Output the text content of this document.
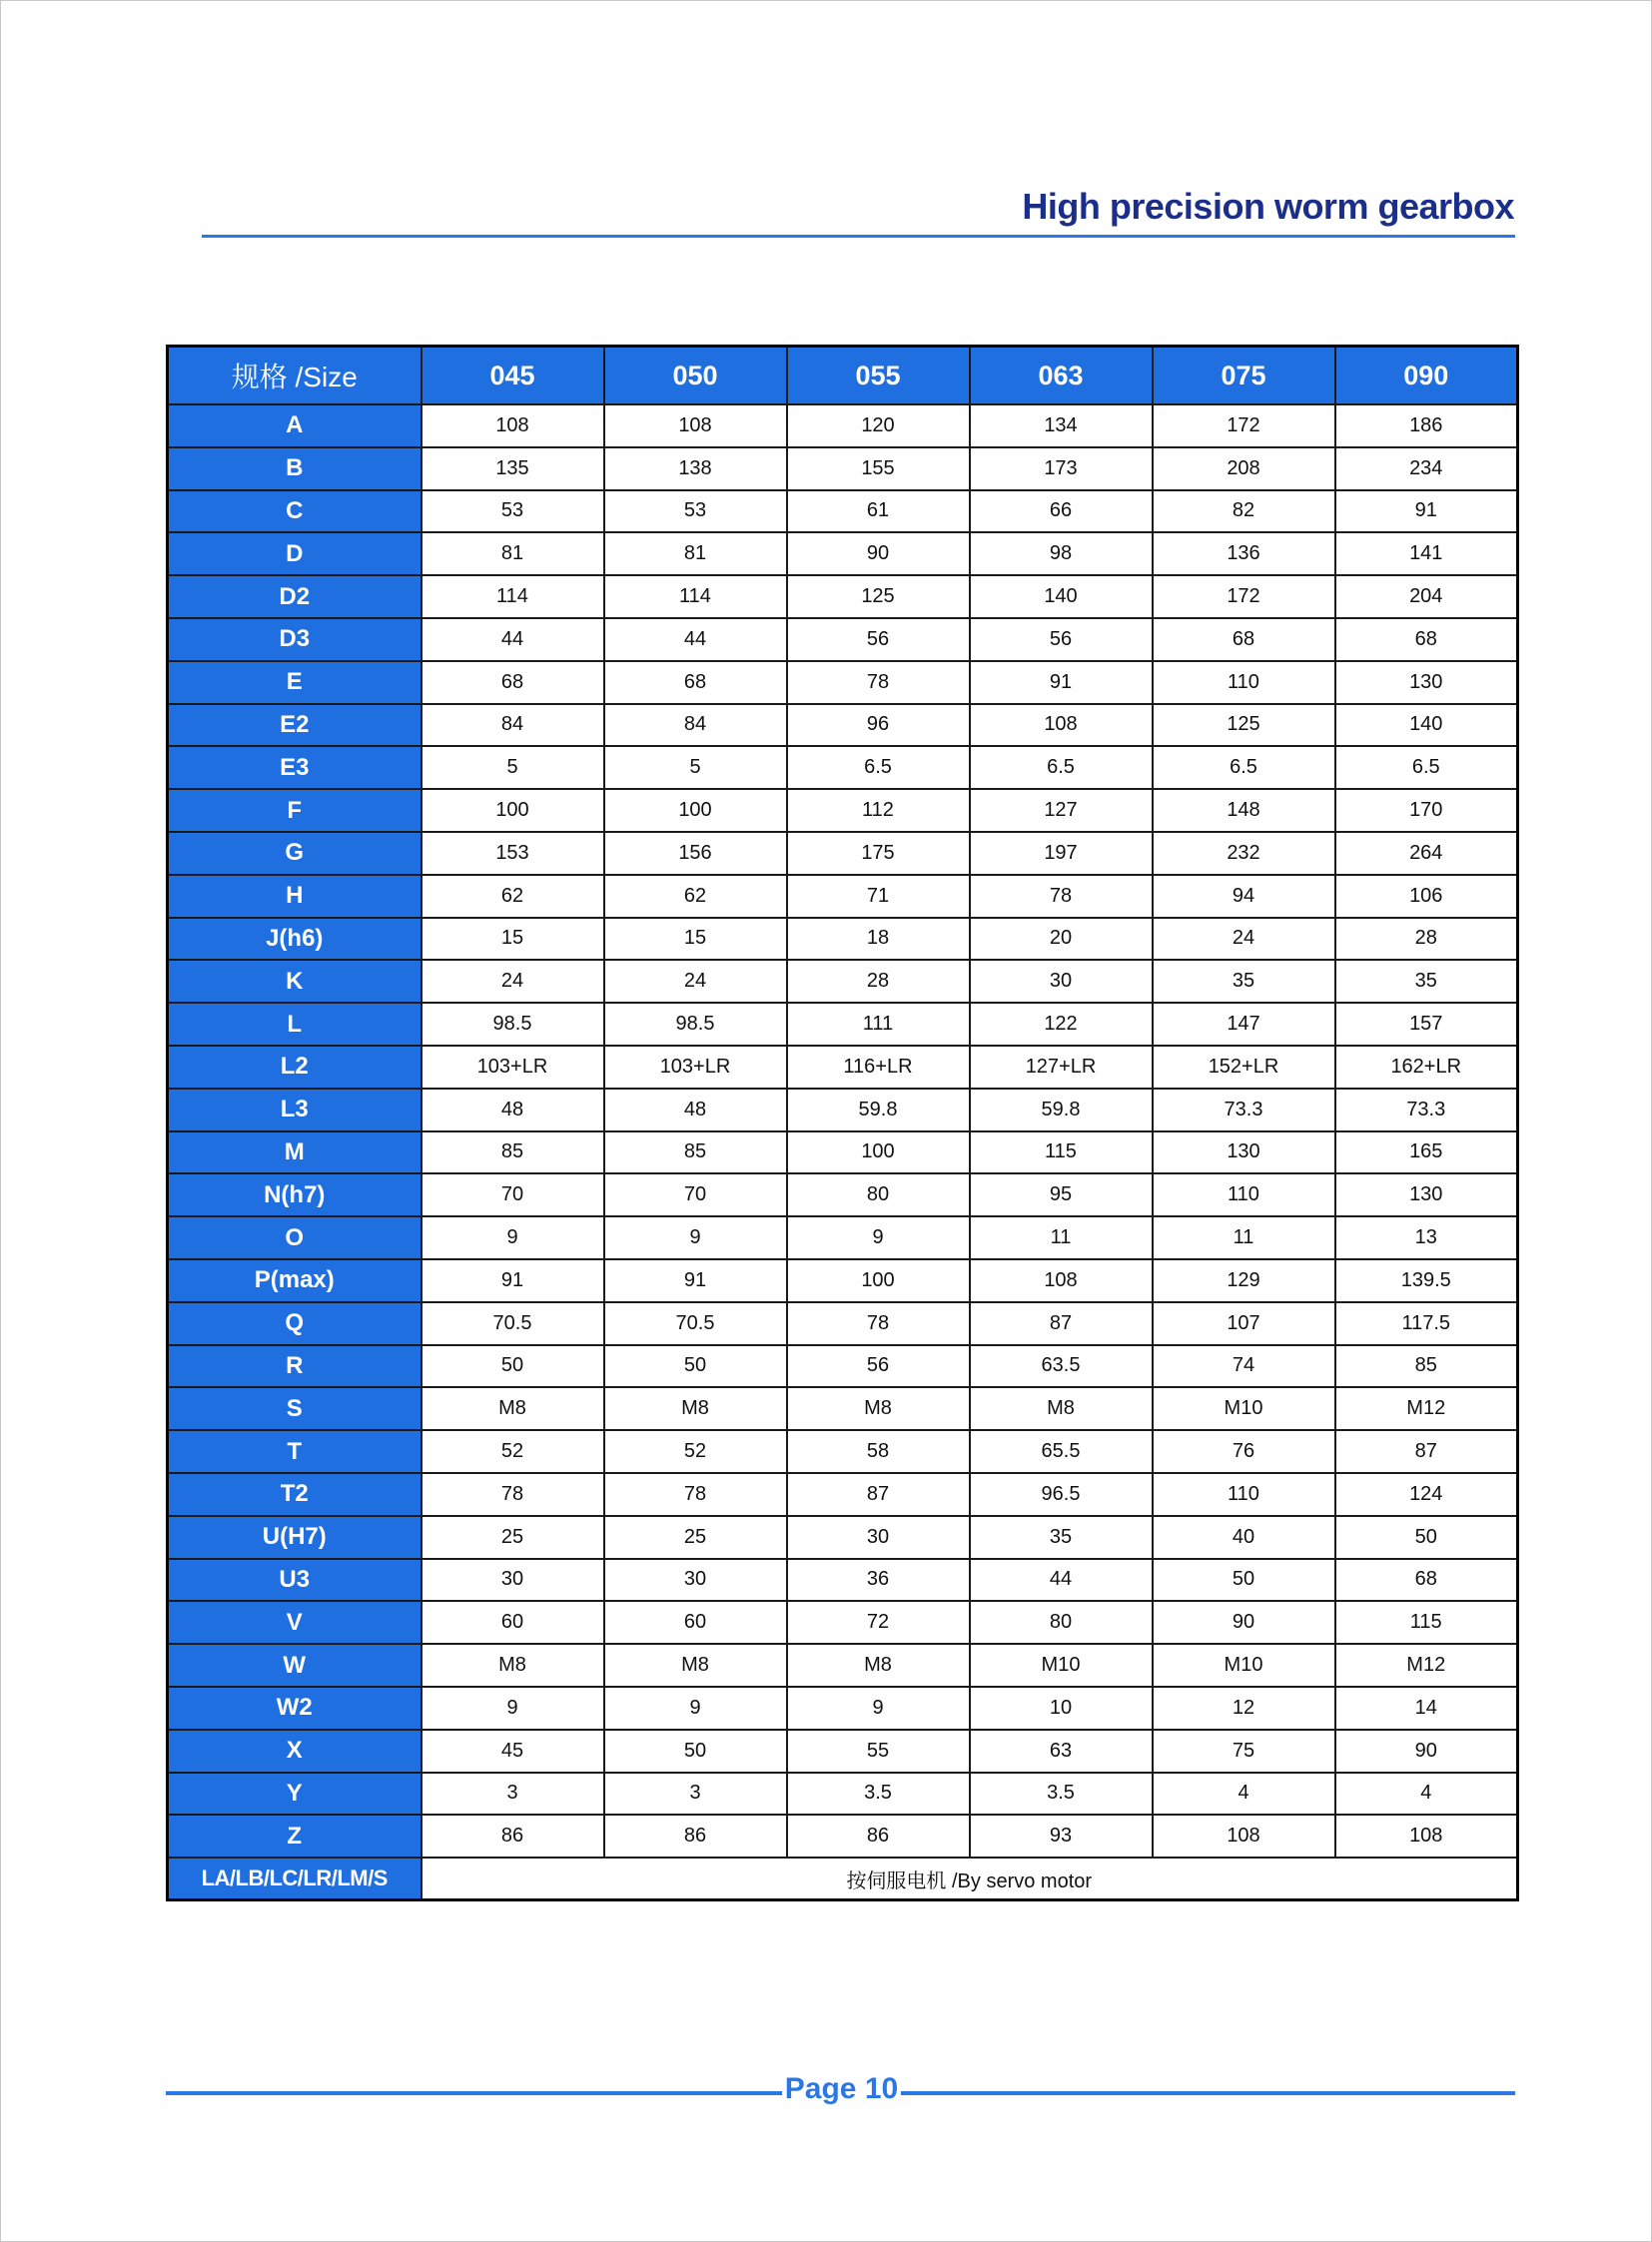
High precision worm gearbox
规格 /Size	045	050	055	063	075	090
A	108	108	120	134	172	186
B	135	138	155	173	208	234
C	53	53	61	66	82	91
D	81	81	90	98	136	141
D2	114	114	125	140	172	204
D3	44	44	56	56	68	68
E	68	68	78	91	110	130
E2	84	84	96	108	125	140
E3	5	5	6.5	6.5	6.5	6.5
F	100	100	112	127	148	170
G	153	156	175	197	232	264
H	62	62	71	78	94	106
J(h6)	15	15	18	20	24	28
K	24	24	28	30	35	35
L	98.5	98.5	111	122	147	157
L2	103+LR	103+LR	116+LR	127+LR	152+LR	162+LR
L3	48	48	59.8	59.8	73.3	73.3
M	85	85	100	115	130	165
N(h7)	70	70	80	95	110	130
O	9	9	9	11	11	13
P(max)	91	91	100	108	129	139.5
Q	70.5	70.5	78	87	107	117.5
R	50	50	56	63.5	74	85
S	M8	M8	M8	M8	M10	M12
T	52	52	58	65.5	76	87
T2	78	78	87	96.5	110	124
U(H7)	25	25	30	35	40	50
U3	30	30	36	44	50	68
V	60	60	72	80	90	115
W	M8	M8	M8	M10	M10	M12
W2	9	9	9	10	12	14
X	45	50	55	63	75	90
Y	3	3	3.5	3.5	4	4
Z	86	86	86	93	108	108
LA/LB/LC/LR/LM/S	按伺服电机 /By servo motor					
Page 10
